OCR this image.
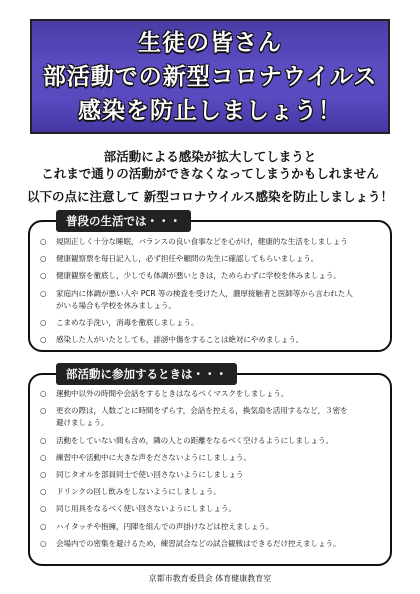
生徒の皆さん
部活動での新型コロナウイルス
感染を防止しましょう！
部活動による感染が拡大してしまうと
これまで通りの活動ができなくなってしまうかもしれません
以下の点に注意して 新型コロナウイルス感染を防止しましょう！
普段の生活では・・・
○ 規則正しく十分な睡眠，バランスの良い食事などを心がけ，健康的な生活をしましょう
○ 健康観察票を毎日記入し，必ず担任や顧問の先生に確認してもらいましょう。
○ 健康観察を徹底し，少しでも体調が悪いときは，ためらわずに学校を休みましょう。
○ 家庭内に体調が悪い人や PCR 等の検査を受けた人，濃厚接触者と医師等から言われた人
がいる場合も学校を休みましょう。
○ こまめな手洗い，消毒を徹底しましょう。
○ 感染した人がいたとしても，誹謗中傷をすることは絶対にやめましょう。
部活動に参加するときは・・・
○ 運動中以外の時間や会話をするときはなるべくマスクをしましょう。
○ 更衣の際は，人数ごとに時間をずらす，会話を控える，換気扇を活用するなど，３密を
避けましょう。
○ 活動をしていない間も含め，隣の人との距離をなるべく空けるようにしましょう。
○ 練習中や活動中に大きな声をださないようにしましょう。
○ 同じタオルを部員同士で使い回さないようにしましょう
○ ドリンクの回し飲みをしないようにしましょう。
○ 同じ用具をなるべく使い回さないようにしましょう。
○ ハイタッチや抱擁，円陣を組んでの声掛けなどは控えましょう。
○ 会場内での密集を避けるため，練習試合などの試合観戦はできるだけ控えましょう。
京都市教育委員会 体育健康教育室
